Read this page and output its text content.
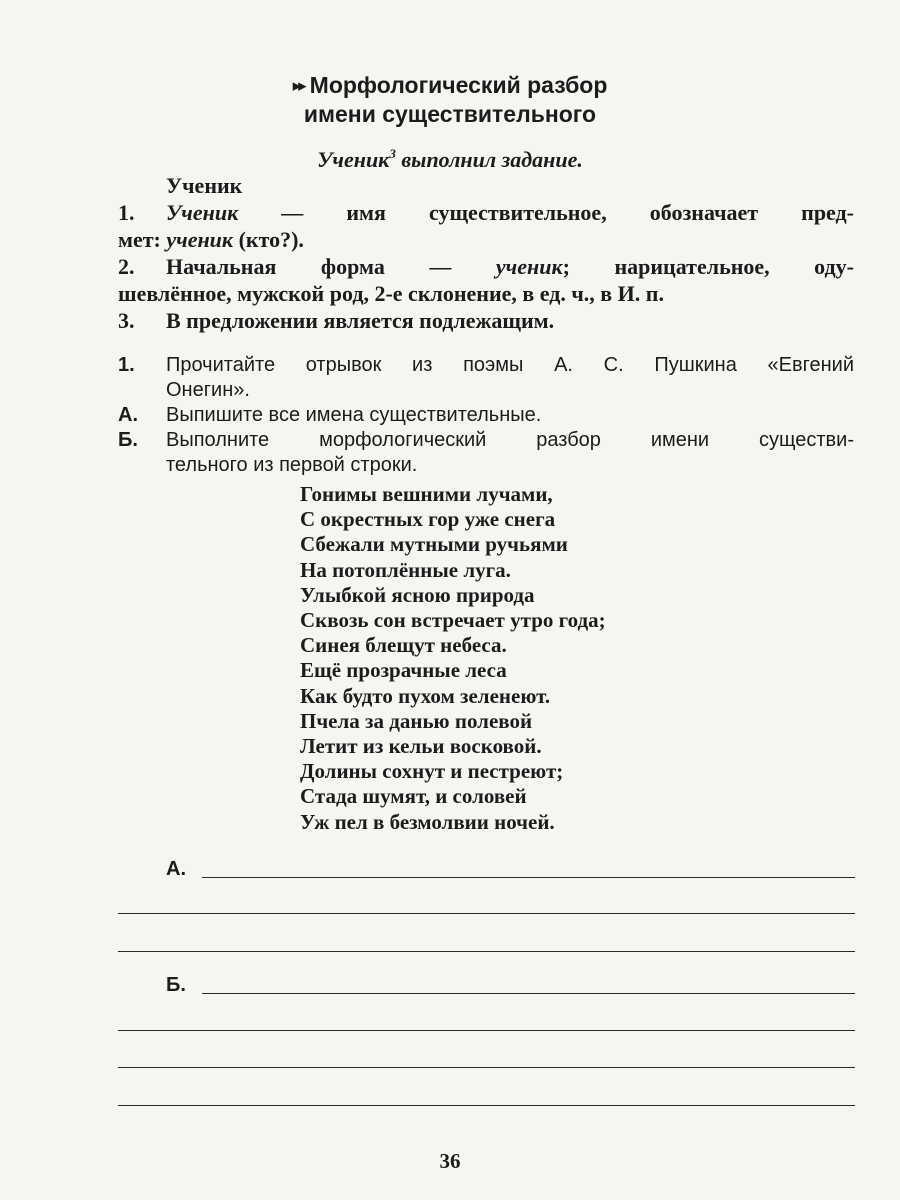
▸▸ Морфологический разбор
имени существительного
Ученик$^3$ выполнил задание.
Ученик
1. Ученик — имя существительное, обозначает пред-
мет: ученик (кто?).
2. Начальная форма — ученик; нарицательное, оду-
шевлённое, мужской род, 2-е склонение, в ед. ч., в И. п.
3. В предложении является подлежащим.
1. Прочитайте отрывок из поэмы А. С. Пушкина «Евгений
Онегин».
А. Выпишите все имена существительные.
Б. Выполните морфологический разбор имени существи-
тельного из первой строки.
Гонимы вешними лучами,
С окрестных гор уже снега
Сбежали мутными ручьями
На потоплённые луга.
Улыбкой ясною природа
Сквозь сон встречает утро года;
Синея блещут небеса.
Ещё прозрачные леса
Как будто пухом зеленеют.
Пчела за данью полевой
Летит из кельи восковой.
Долины сохнут и пестреют;
Стада шумят, и соловей
Уж пел в безмолвии ночей.
А.
Б.
36
